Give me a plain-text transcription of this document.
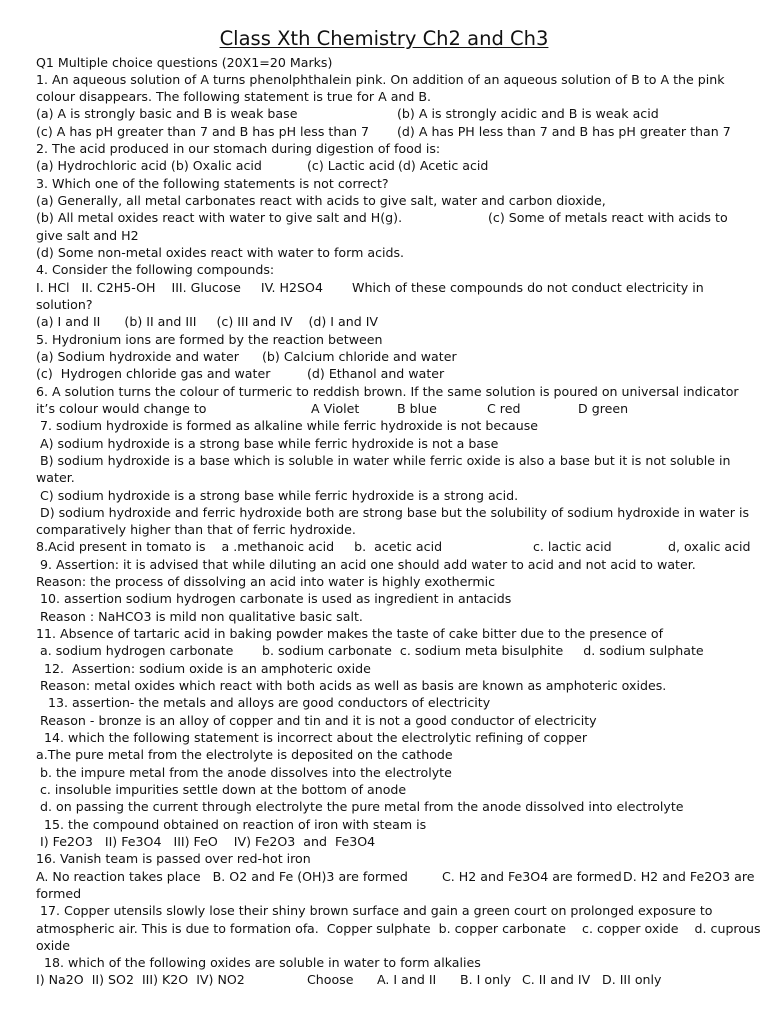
Class Xth Chemistry Ch2 and Ch3
Q1 Multiple choice questions (20X1=20 Marks)
1. An aqueous solution of A turns phenolphthalein pink. On addition of an aqueous solution of B to A the pink
colour disappears. The following statement is true for A and B.
(a) A is strongly basic and B is weak base	(b) A is strongly acidic and B is weak acid
(c) A has pH greater than 7 and B has pH less than 7 (d) A has PH less than 7 and B has pH greater than 7
2. The acid produced in our stomach during digestion of food is:
(a) Hydrochloric acid (b) Oxalic acid	(c) Lactic acid (d) Acetic acid
3. Which one of the following statements is not correct?
(a) Generally, all metal carbonates react with acids to give salt, water and carbon dioxide,
(b) All metal oxides react with water to give salt and H(g).	(c) Some of metals react with acids to
give salt and H2
(d) Some non-metal oxides react with water to form acids.
4. Consider the following compounds:
I. HCl   II. C2H5-OH    III. Glucose     IV. H2SO4 Which of these compounds do not conduct electricity in
solution?
(a) I and II      (b) II and III     (c) III and IV    (d) I and IV
5. Hydronium ions are formed by the reaction between
(a) Sodium hydroxide and water (b) Calcium chloride and water
(c)  Hydrogen chloride gas and water	(d) Ethanol and water
6. A solution turns the colour of turmeric to reddish brown. If the same solution is poured on universal indicator
it’s colour would change to	A Violet	B blue	C red	D green
7. sodium hydroxide is formed as alkaline while ferric hydroxide is not because
A) sodium hydroxide is a strong base while ferric hydroxide is not a base
B) sodium hydroxide is a base which is soluble in water while ferric oxide is also a base but it is not soluble in
water.
C) sodium hydroxide is a strong base while ferric hydroxide is a strong acid.
D) sodium hydroxide and ferric hydroxide both are strong base but the solubility of sodium hydroxide in water is
comparatively higher than that of ferric hydroxide.
8.Acid present in tomato is    a .methanoic acid     b.  acetic acid	c. lactic acid	d, oxalic acid
9. Assertion: it is advised that while diluting an acid one should add water to acid and not acid to water.
Reason: the process of dissolving an acid into water is highly exothermic
10. assertion sodium hydrogen carbonate is used as ingredient in antacids
Reason : NaHCO3 is mild non qualitative basic salt.
11. Absence of tartaric acid in baking powder makes the taste of cake bitter due to the presence of
a. sodium hydrogen carbonate b. sodium carbonate  c. sodium meta bisulphite     d. sodium sulphate
12.  Assertion: sodium oxide is an amphoteric oxide
Reason: metal oxides which react with both acids as well as basis are known as amphoteric oxides.
13. assertion- the metals and alloys are good conductors of electricity
Reason - bronze is an alloy of copper and tin and it is not a good conductor of electricity
14. which the following statement is incorrect about the electrolytic refining of copper
a.The pure metal from the electrolyte is deposited on the cathode
b. the impure metal from the anode dissolves into the electrolyte
c. insoluble impurities settle down at the bottom of anode
d. on passing the current through electrolyte the pure metal from the anode dissolved into electrolyte
15. the compound obtained on reaction of iron with steam is
I) Fe2O3   II) Fe3O4   III) FeO    IV) Fe2O3  and  Fe3O4
16. Vanish team is passed over red-hot iron
A. No reaction takes place   B. O2 and Fe (OH)3 are formed	C. H2 and Fe3O4 are formed D. H2 and Fe2O3 are
formed
17. Copper utensils slowly lose their shiny brown surface and gain a green court on prolonged exposure to
atmospheric air. This is due to formation of a.  Copper sulphate  b. copper carbonate    c. copper oxide    d. cuprous
oxide
18. which of the following oxides are soluble in water to form alkalies
I) Na2O  II) SO2  III) K2O  IV) NO2	Choose A. I and II B. I only C. II and IV D. III only
